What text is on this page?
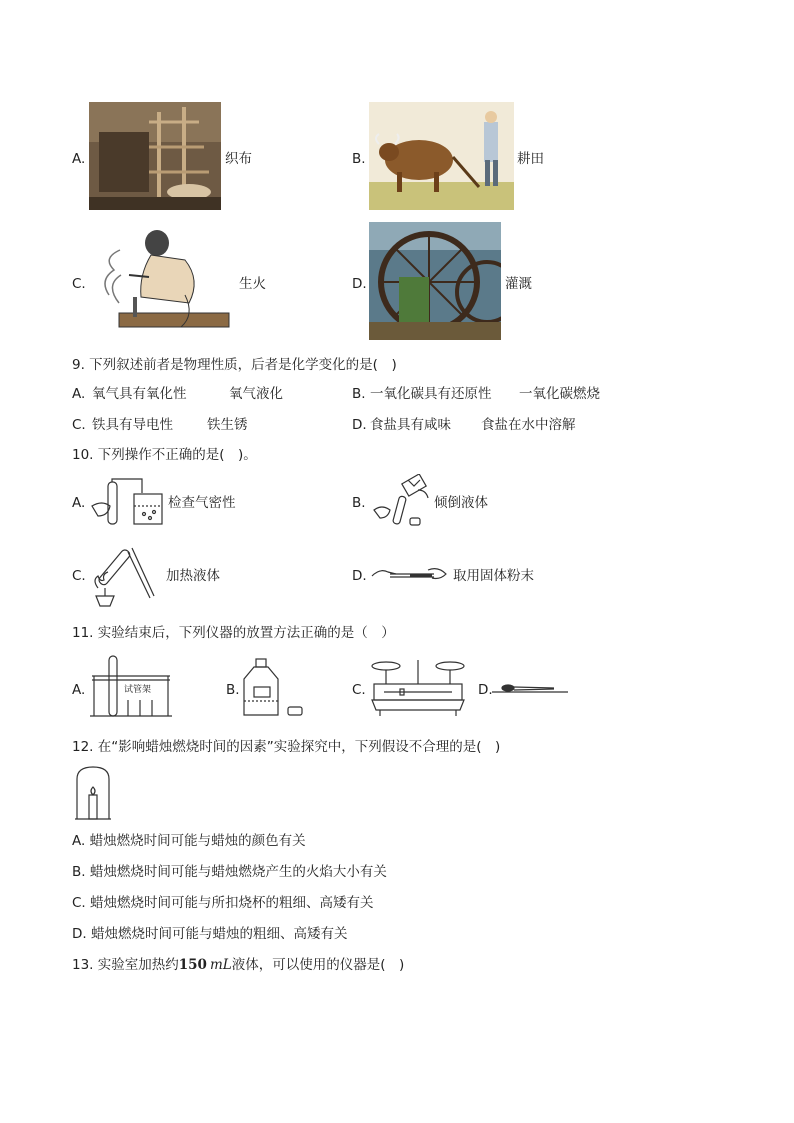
A.	织布	B.	耕田
C.	生火	D.	灌溉
9. 下列叙述前者是物理性质，后者是化学变化的是(　)
A. 氧气具有氧化性	氧气液化	B. 一氧化碳具有还原性 一氧化碳燃烧
C. 铁具有导电性	铁生锈	D. 食盐具有咸味 食盐在水中溶解
10. 下列操作不正确的是(　)。
A.	检查气密性	B.	倾倒液体
C.	加热液体	D.	取用固体粉末
11. 实验结束后，下列仪器的放置方法正确的是（　）
A.	试管架	B.	C.	D.
12. 在“影响蜡烛燃烧时间的因素”实验探究中，下列假设不合理的是(　)
A. 蜡烛燃烧时间可能与蜡烛的颜色有关
B. 蜡烛燃烧时间可能与蜡烛燃烧产生的火焰大小有关
C. 蜡烛燃烧时间可能与所扣烧杯的粗细、高矮有关
D. 蜡烛燃烧时间可能与蜡烛的粗细、高矮有关
13. 实验室加热约150 mL液体，可以使用的仪器是(　)
